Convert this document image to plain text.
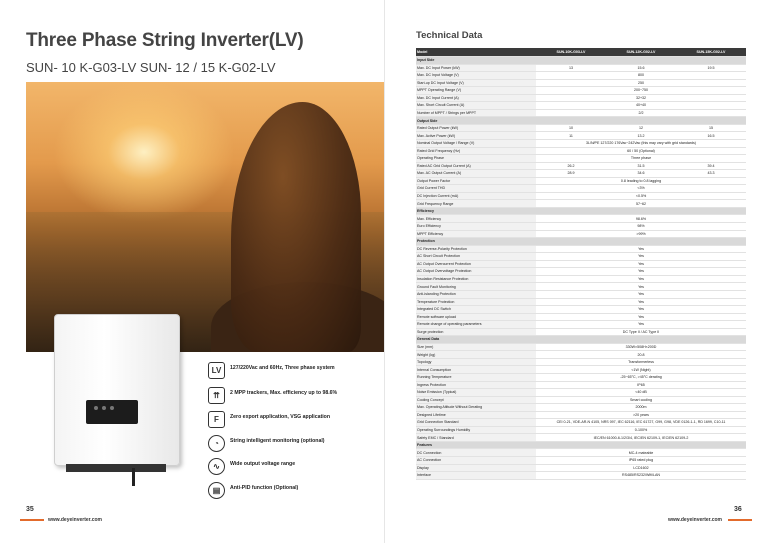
Three Phase String Inverter(LV)
SUN- 10 K-G03-LV SUN- 12 / 15 K-G02-LV
LV	127/220Vac and 60Hz, Three phase system
⇈	2 MPP trackers, Max. efficiency up to 98.6%
F	Zero export application, VSG application
◔	String intelligent monitoring (optional)
∿	Wide output voltage range
▤	Anti-PID function (Optional)
35
www.deyeinverter.com
Technical Data
Model	SUN-10K-G03-LV	SUN-12K-G02-LV	SUN-15K-G02-LV
Input Side			
Max. DC Input Power (kW)	13	15.6	19.5
Max. DC Input Voltage (V)	800		
Start-up DC Input Voltage (V)	250		
MPPT Operating Range (V)	200~750		
Max. DC Input Current (A)	32+32		
Max. Short Circuit Current (A)	40+40		
Number of MPPT / Strings per MPPT	2/2		
Output Side			
Rated Output Power (kW)	10	12	15
Max. Active Power (kW)	11	13.2	16.5
Nominal Output Voltage / Range (V)	3L/N/PE 127/220 176Vac~242Vac (this may vary with grid standards)		
Rated Grid Frequency (Hz)	60 / 50 (Optional)		
Operating Phase	Three phase		
Rated AC Grid Output Current (A)	26.2	31.5	39.4
Max. AC Output Current (A)	28.9	34.6	43.3
Output Power Factor	0.8 leading to 0.8 lagging		
Grid Current THD	<3%		
DC Injection Current (mA)	<0.5%		
Grid Frequency Range	57~62		
Efficiency			
Max. Efficiency	98.6%		
Euro Efficiency	98%		
MPPT Efficiency	>99%		
Protection			
DC Reverse-Polarity Protection	Yes		
AC Short Circuit Protection	Yes		
AC Output Overcurrent Protection	Yes		
AC Output Overvoltage Protection	Yes		
Insulation Resistance Protection	Yes		
Ground Fault Monitoring	Yes		
Anti-islanding Protection	Yes		
Temperature Protection	Yes		
Integrated DC Switch	Yes		
Remote software upload	Yes		
Remote change of operating parameters	Yes		
Surge protection	DC Type II / AC Type II		
General Data			
Size (mm)	330W×508H×200D		
Weight (kg)	20.8		
Topology	Transformerless		
Internal Consumption	<1W (Night)		
Running Temperature	-25~65°C, >45°C derating		
Ingress Protection	IP65		
Noise Emission (Typical)	<40 dB		
Cooling Concept	Smart cooling		
Max. Operating Altitude Without Derating	2000m		
Designed Lifetime	>20 years		
Grid Connection Standard	CEI 0-21, VDE-AR-N 4105, NRS 097, IEC 62116, IEC 61727, G99, G98, VDE 0126-1-1, RD 1699, C10-11		
Operating Surroundings Humidity	0-100%		
Safety EMC / Standard	IEC/EN 61000-6-1/2/3/4, IEC/EN 62109-1, IEC/EN 62109-2		
Features			
DC Connection	MC-4 mateable		
AC Connection	IP65 rated plug		
Display	LCD1602		
Interface	RS485/RS232/Wifi/LAN		
36
www.deyeinverter.com
